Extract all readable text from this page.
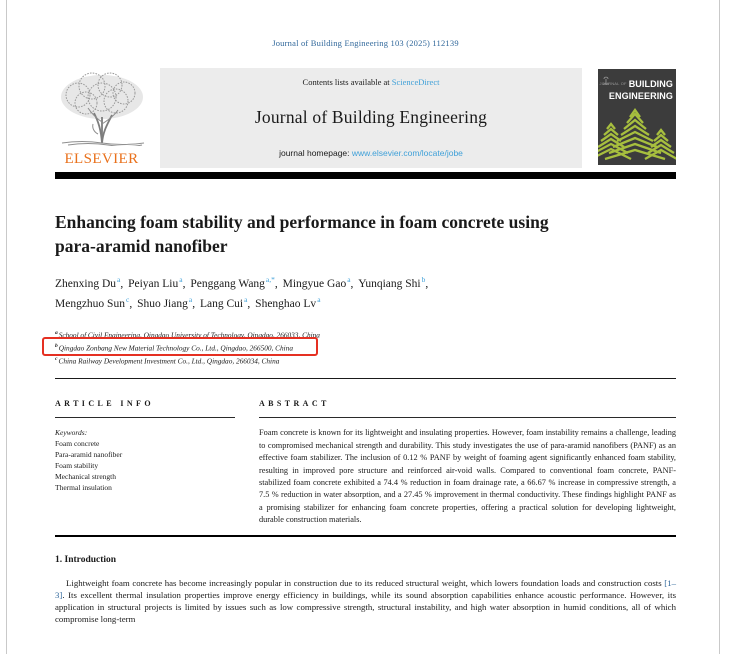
Journal of Building Engineering 103 (2025) 112139
ELSEVIER
Contents lists available at ScienceDirect
Journal of Building Engineering
journal homepage: www.elsevier.com/locate/jobe
JOURNAL OF BUILDING
ENGINEERING
Enhancing foam stability and performance in foam concrete using
para-aramid nanofiber
Zhenxing Du$^a$, Peiyan Liu$^a$, Penggang Wang$^{a,*}$, Mingyue Gao$^a$, Yunqiang Shi$^b$,
Mengzhuo Sun$^c$, Shuo Jiang$^a$, Lang Cui$^a$, Shenghao Lv$^a$
$^a$School of Civil Engineering, Qingdao University of Technology, Qingdao, 266033, China
$^b$Qingdao Zonbang New Material Technology Co., Ltd., Qingdao, 266500, China
$^c$China Railway Development Investment Co., Ltd., Qingdao, 266034, China
ARTICLE INFO
Keywords:
Foam concrete
Para-aramid nanofiber
Foam stability
Mechanical strength
Thermal insulation
ABSTRACT
Foam concrete is known for its lightweight and insulating properties. However, foam instability remains a challenge, leading to compromised mechanical strength and durability. This study investigates the use of para-aramid nanofibers (PANF) as an effective foam stabilizer. The inclusion of 0.12 % PANF by weight of foaming agent significantly enhanced foam stability, resulting in improved pore structure and reinforced air-void walls. Compared to conventional foam concrete, PANF-stabilized foam concrete exhibited a 74.4 % reduction in foam drainage rate, a 66.67 % increase in compressive strength, a 7.5 % reduction in water absorption, and a 27.45 % improvement in thermal conductivity. These findings highlight PANF as a promising stabilizer for enhancing foam concrete properties, offering a practical solution for developing lightweight, durable construction materials.
1. Introduction

Lightweight foam concrete has become increasingly popular in construction due to its reduced structural weight, which lowers foundation loads and construction costs [1–3]. Its excellent thermal insulation properties improve energy efficiency in buildings, while its sound absorption capabilities enhance acoustic performance. However, its application in structural projects is limited by issues such as low compressive strength, structural instability, and high water absorption in humid conditions, all of which compromise long-term
